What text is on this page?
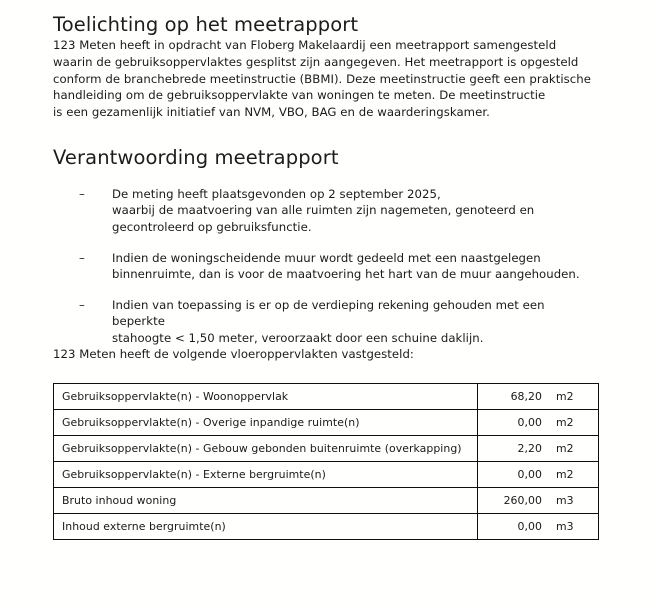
Toelichting op het meetrapport

123 Meten heeft in opdracht van Floberg Makelaardij een meetrapport samengesteld
waarin de gebruiksoppervlaktes gesplitst zijn aangegeven. Het meetrapport is opgesteld
conform de branchebrede meetinstructie (BBMI). Deze meetinstructie geeft een praktische
handleiding om de gebruiksoppervlakte van woningen te meten. De meetinstructie
is een gezamenlijk initiatief van NVM, VBO, BAG en de waarderingskamer.

Verantwoording meetrapport
– De meting heeft plaatsgevonden op 2 september 2025,
waarbij de maatvoering van alle ruimten zijn nagemeten, genoteerd en
gecontroleerd op gebruiksfunctie.
– Indien de woningscheidende muur wordt gedeeld met een naastgelegen
binnenruimte, dan is voor de maatvoering het hart van de muur aangehouden.
– Indien van toepassing is er op de verdieping rekening gehouden met een beperkte
stahoogte < 1,50 meter, veroorzaakt door een schuine daklijn.

123 Meten heeft de volgende vloeroppervlakten vastgesteld:

Gebruiksoppervlakte(n) - Woonoppervlak	68,20 m2

Gebruiksoppervlakte(n) - Overige inpandige ruimte(n)	0,00 m2

Gebruiksoppervlakte(n) - Gebouw gebonden buitenruimte (overkapping)	2,20 m2

Gebruiksoppervlakte(n) - Externe bergruimte(n)	0,00 m2

Bruto inhoud woning	260,00 m3

Inhoud externe bergruimte(n)	0,00 m3
